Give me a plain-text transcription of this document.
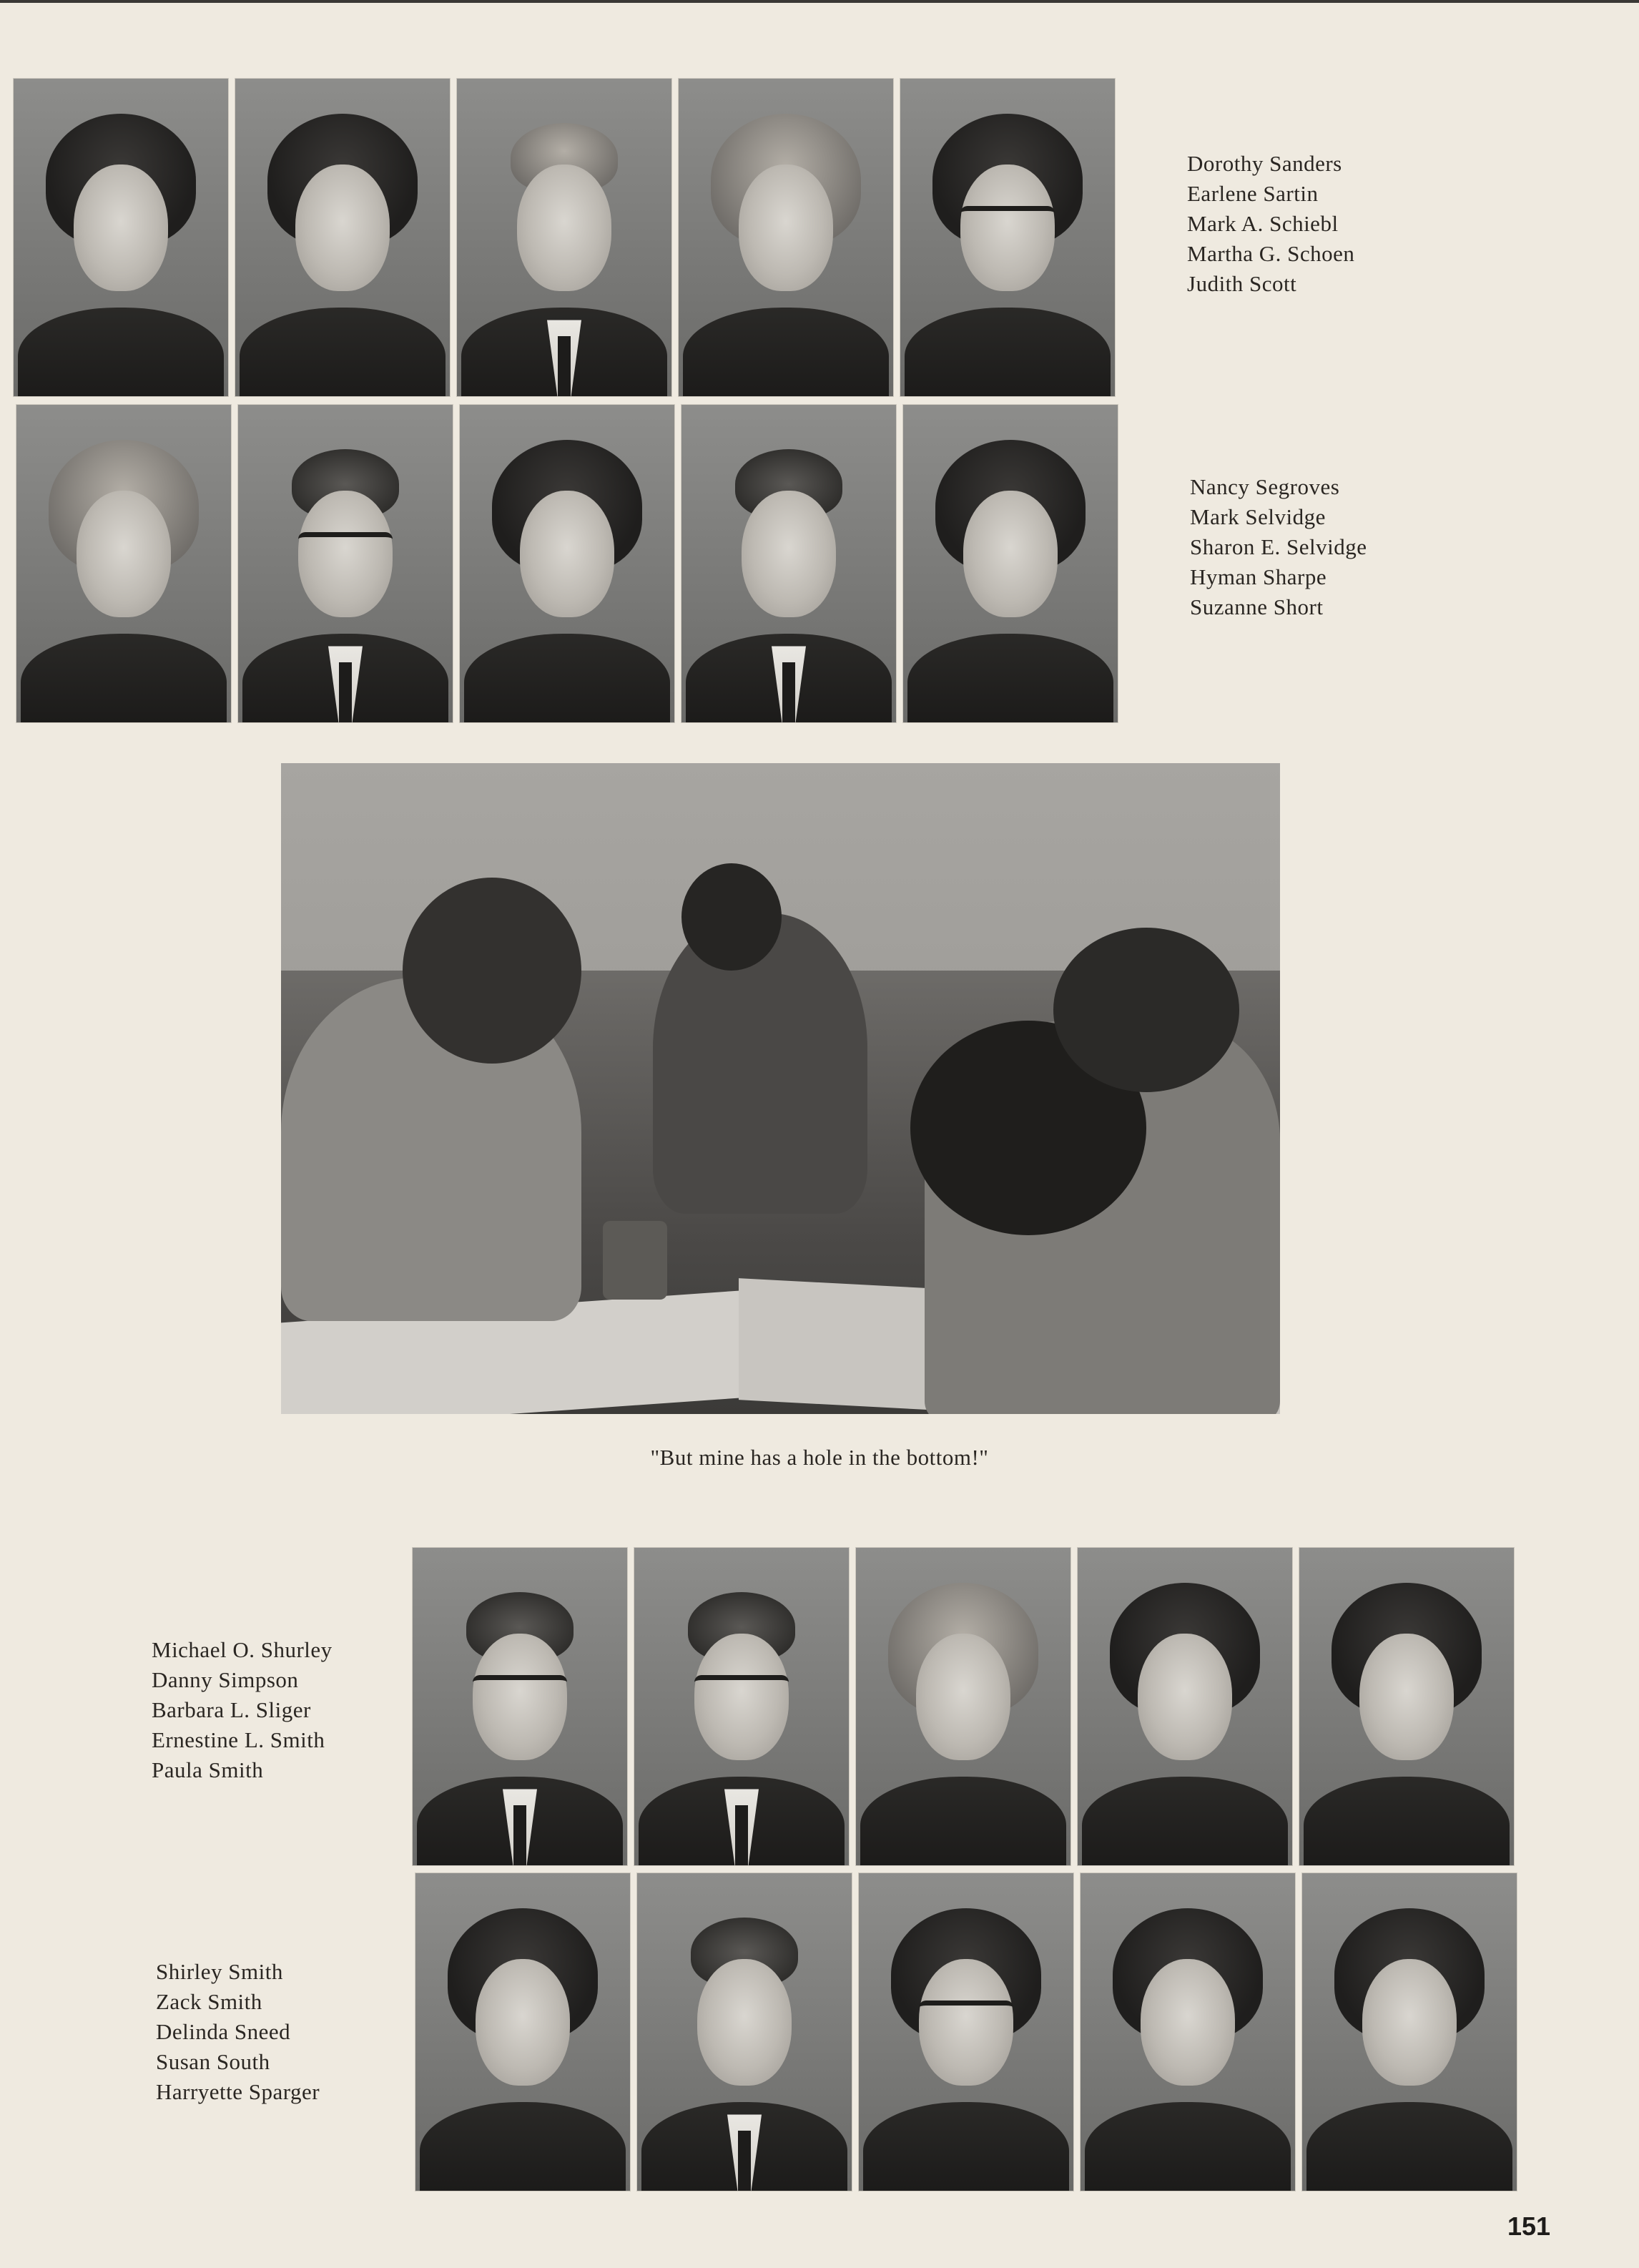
Dorothy Sanders
Earlene Sartin
Mark A. Schiebl
Martha G. Schoen
Judith Scott
Nancy Segroves
Mark Selvidge
Sharon E. Selvidge
Hyman Sharpe
Suzanne Short
"But mine has a hole in the bottom!"
Michael O. Shurley
Danny Simpson
Barbara L. Sliger
Ernestine L. Smith
Paula Smith
Shirley Smith
Zack Smith
Delinda Sneed
Susan South
Harryette Sparger
151
